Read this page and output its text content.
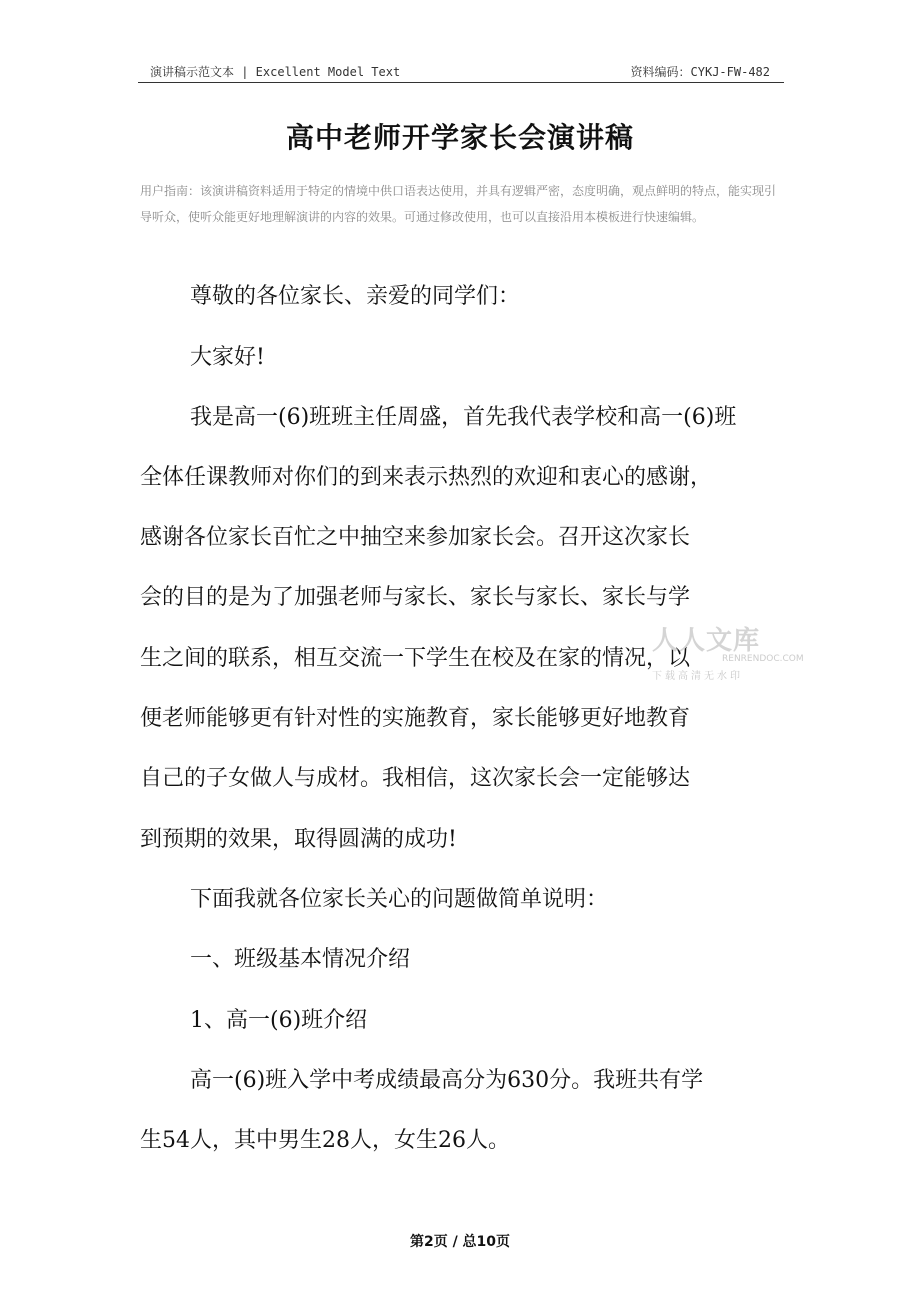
演讲稿示范文本 | Excellent Model Text	资料编码：CYKJ-FW-482
高中老师开学家长会演讲稿
用户指南：该演讲稿资料适用于特定的情境中供口语表达使用，并具有逻辑严密，态度明确，观点鲜明的特点，能实现引导听众，使听众能更好地理解演讲的内容的效果。可通过修改使用，也可以直接沿用本模板进行快速编辑。
尊敬的各位家长、亲爱的同学们：
大家好!
我是高一(6)班班主任周盛，首先我代表学校和高一(6)班
全体任课教师对你们的到来表示热烈的欢迎和衷心的感谢，
感谢各位家长百忙之中抽空来参加家长会。召开这次家长
会的目的是为了加强老师与家长、家长与家长、家长与学
生之间的联系，相互交流一下学生在校及在家的情况，以
便老师能够更有针对性的实施教育，家长能够更好地教育
自己的子女做人与成材。我相信，这次家长会一定能够达
到预期的效果，取得圆满的成功!
下面我就各位家长关心的问题做简单说明：
一、班级基本情况介绍
1、高一(6)班介绍
高一(6)班入学中考成绩最高分为630分。我班共有学
生54人，其中男生28人，女生26人。
人人文库
RENRENDOC.COM
下载高清无水印
第2页 / 总10页
